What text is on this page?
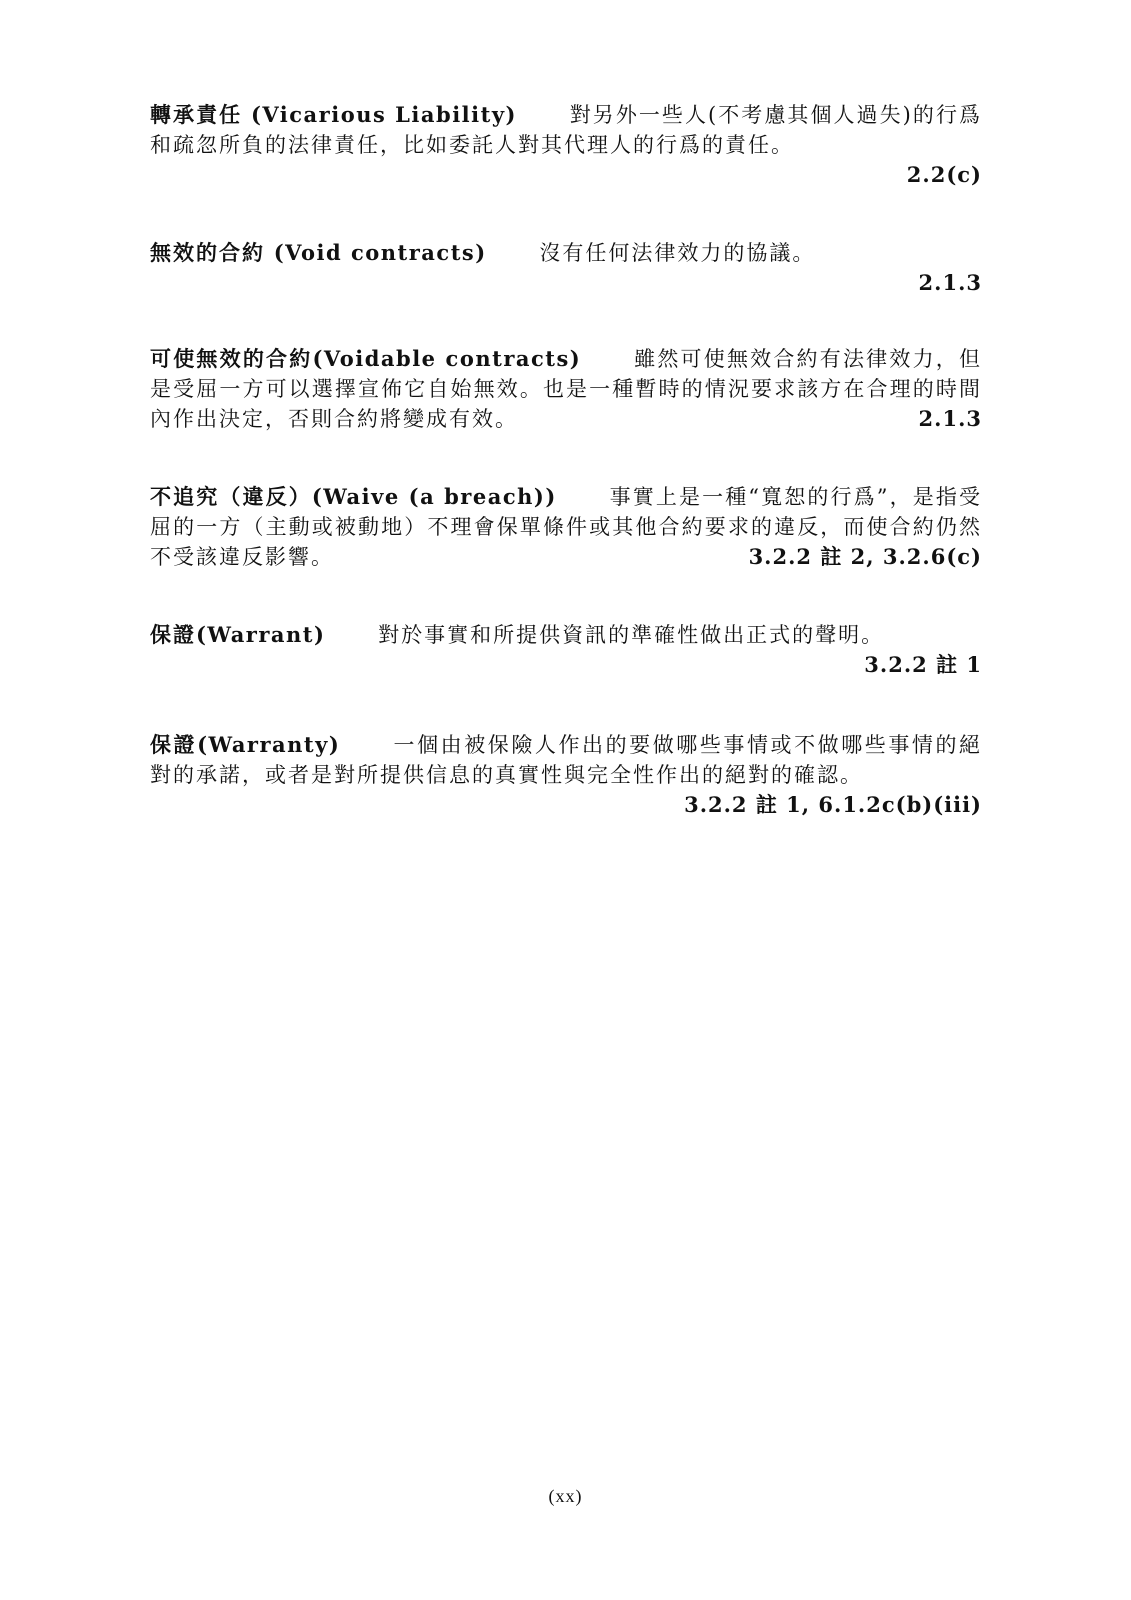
轉承責任 (Vicarious Liability)	對另外一些人(不考慮其個人過失)的行爲和疏忽所負的法律責任，比如委託人對其代理人的行爲的責任。
2.2(c)
無效的合約 (Void contracts)	沒有任何法律效力的協議。
2.1.3
可使無效的合約(Voidable contracts)	雖然可使無效合約有法律效力，但是受屈一方可以選擇宣佈它自始無效。也是一種暫時的情況要求該方在合理的時間內作出決定，否則合約將變成有效。	2.1.3
不追究（違反）(Waive (a breach))	事實上是一種“寬恕的行爲”，是指受屈的一方（主動或被動地）不理會保單條件或其他合約要求的違反，而使合約仍然不受該違反影響。	3.2.2 註 2, 3.2.6(c)
保證(Warrant)	對於事實和所提供資訊的準確性做出正式的聲明。
3.2.2 註 1
保證(Warranty)	一個由被保險人作出的要做哪些事情或不做哪些事情的絕對的承諾，或者是對所提供信息的真實性與完全性作出的絕對的確認。
3.2.2 註 1, 6.1.2c(b)(iii)
(xx)
